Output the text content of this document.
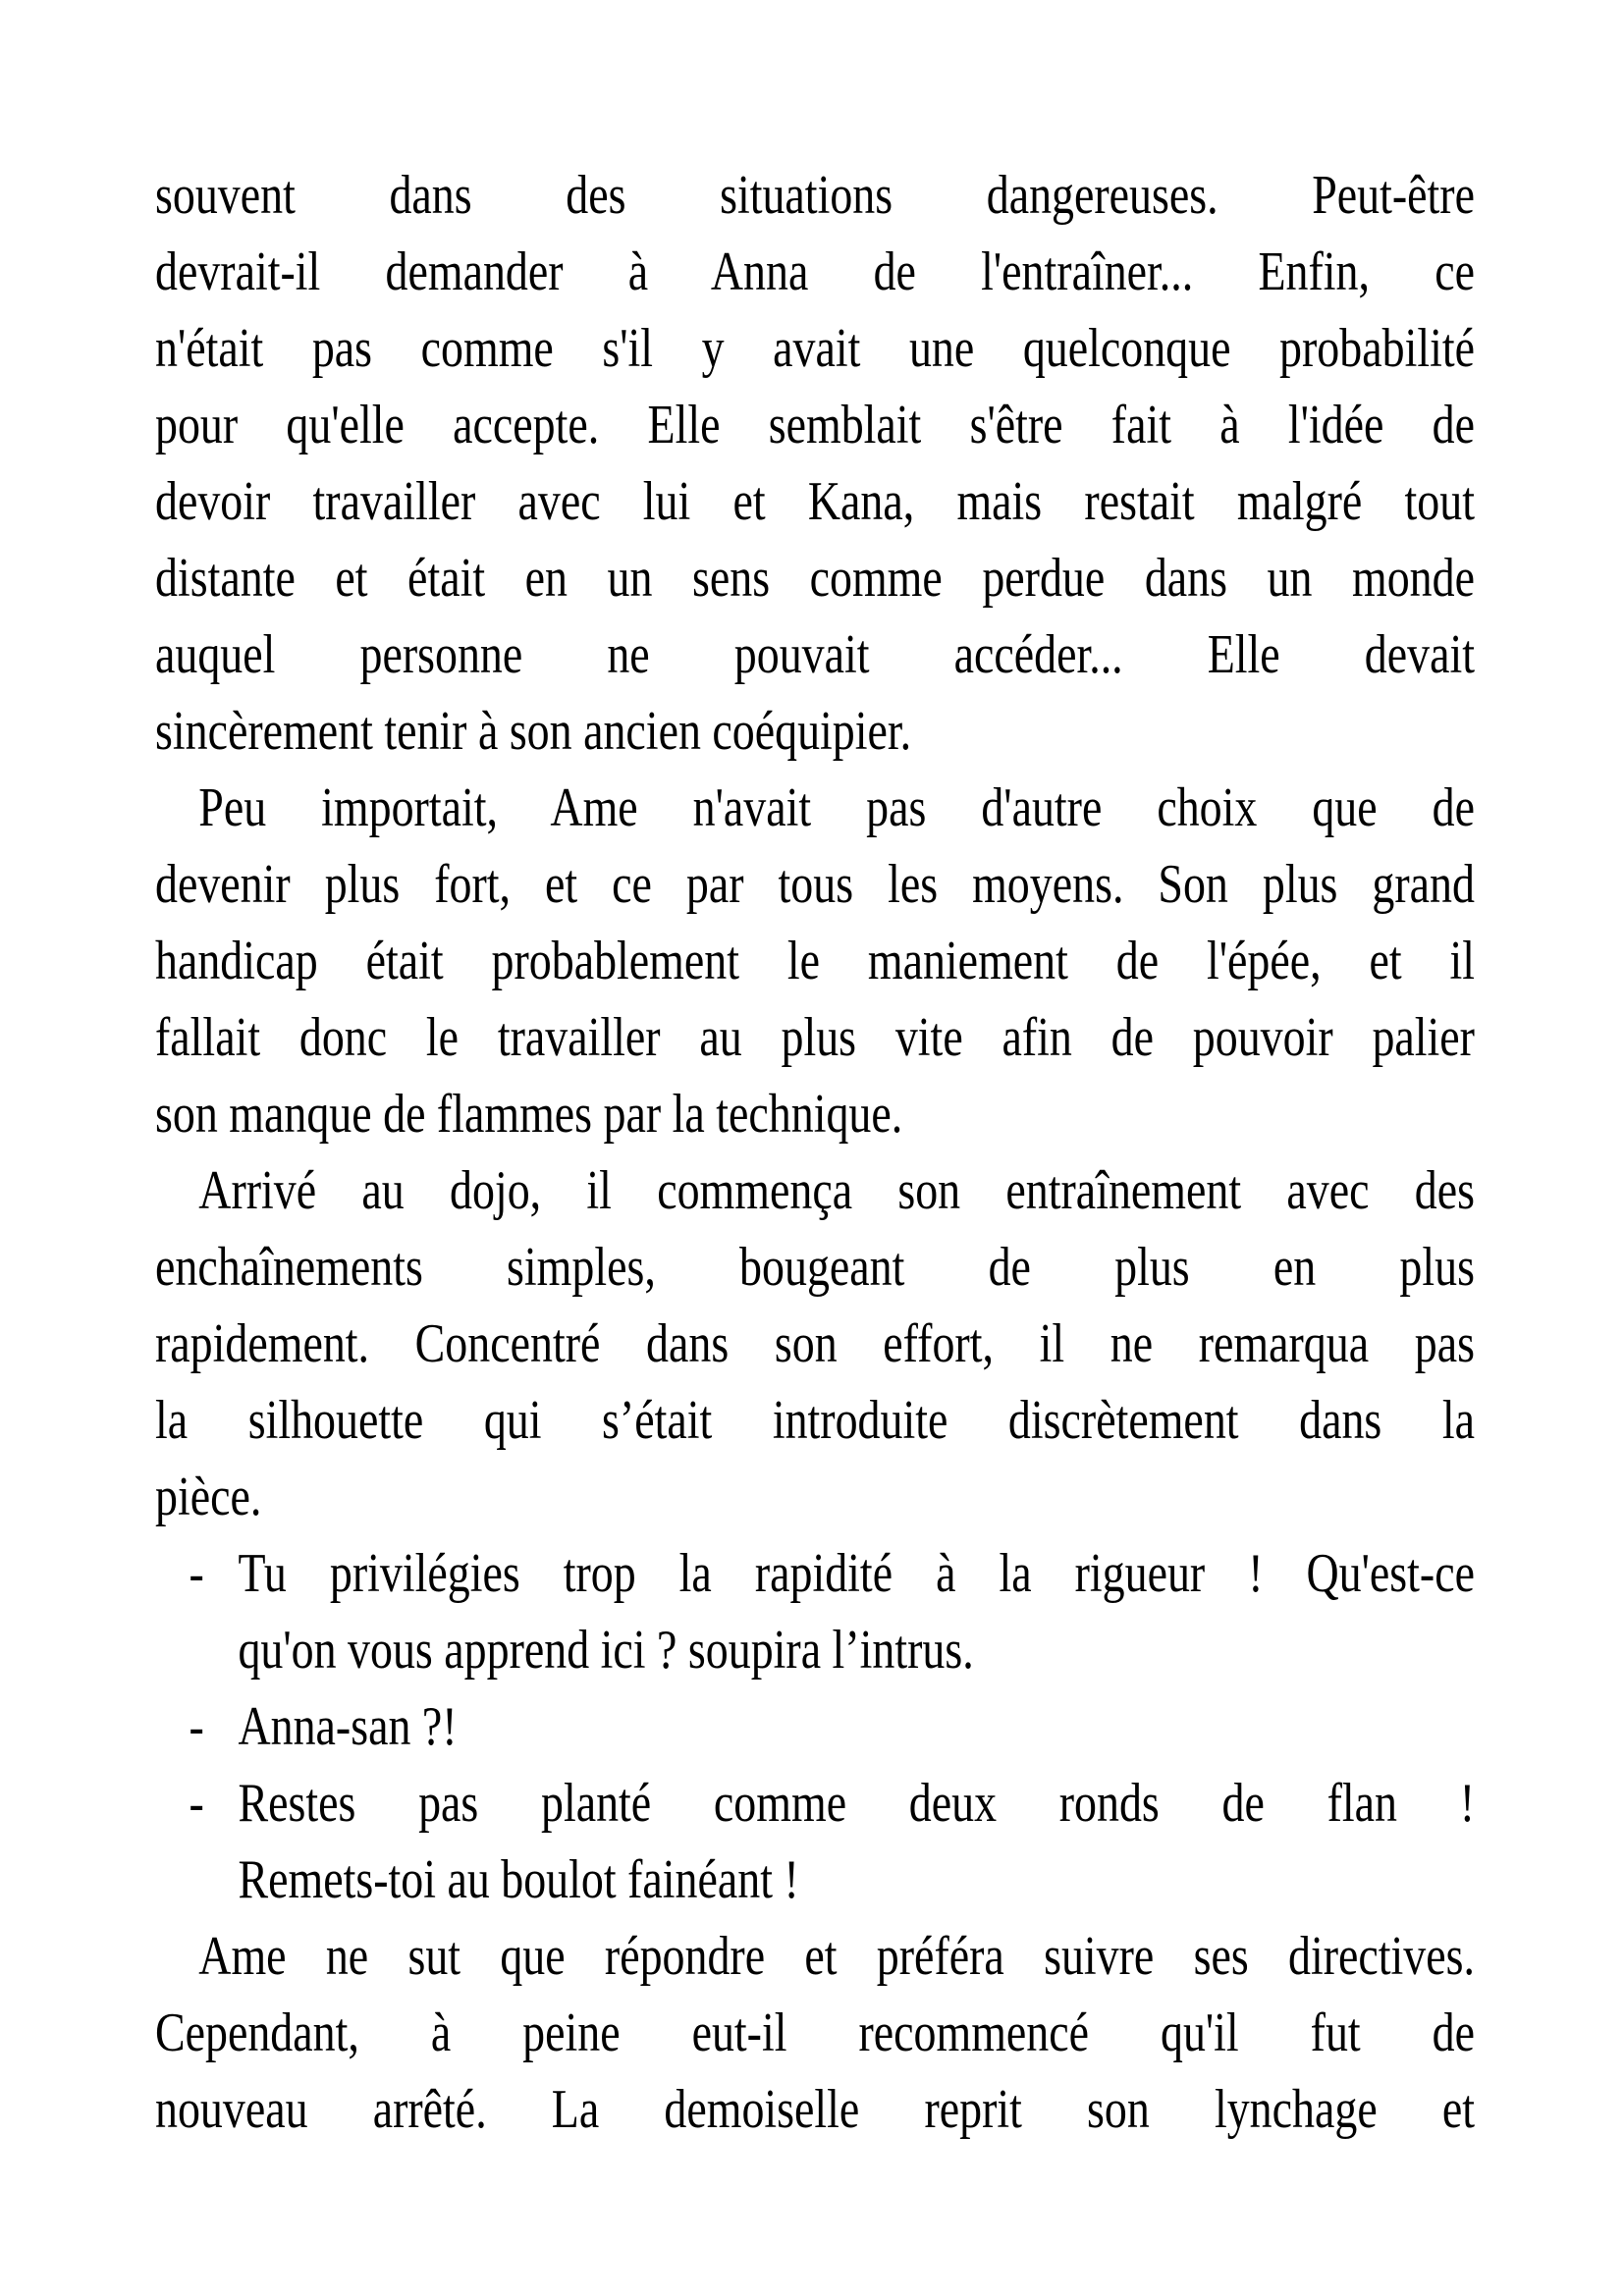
souvent dans des situations dangereuses. Peut-être
devrait-il demander à Anna de l'entraîner... Enfin, ce
n'était pas comme s'il y avait une quelconque probabilité
pour qu'elle accepte. Elle semblait s'être fait à l'idée de
devoir travailler avec lui et Kana, mais restait malgré tout
distante et était en un sens comme perdue dans un monde
auquel personne ne pouvait accéder... Elle devait
sincèrement tenir à son ancien coéquipier.
Peu importait, Ame n'avait pas d'autre choix que de
devenir plus fort, et ce par tous les moyens. Son plus grand
handicap était probablement le maniement de l'épée, et il
fallait donc le travailler au plus vite afin de pouvoir palier
son manque de flammes par la technique.
Arrivé au dojo, il commença son entraînement avec des
enchaînements simples, bougeant de plus en plus
rapidement. Concentré dans son effort, il ne remarqua pas
la silhouette qui s’était introduite discrètement dans la
pièce.
- Tu privilégies trop la rapidité à la rigueur ! Qu'est-ce
qu'on vous apprend ici ? soupira l’intrus.
- Anna-san ?!
- Restes pas planté comme deux ronds de flan !
Remets-toi au boulot fainéant !
Ame ne sut que répondre et préféra suivre ses directives.
Cependant, à peine eut-il recommencé qu'il fut de
nouveau arrêté. La demoiselle reprit son lynchage et
